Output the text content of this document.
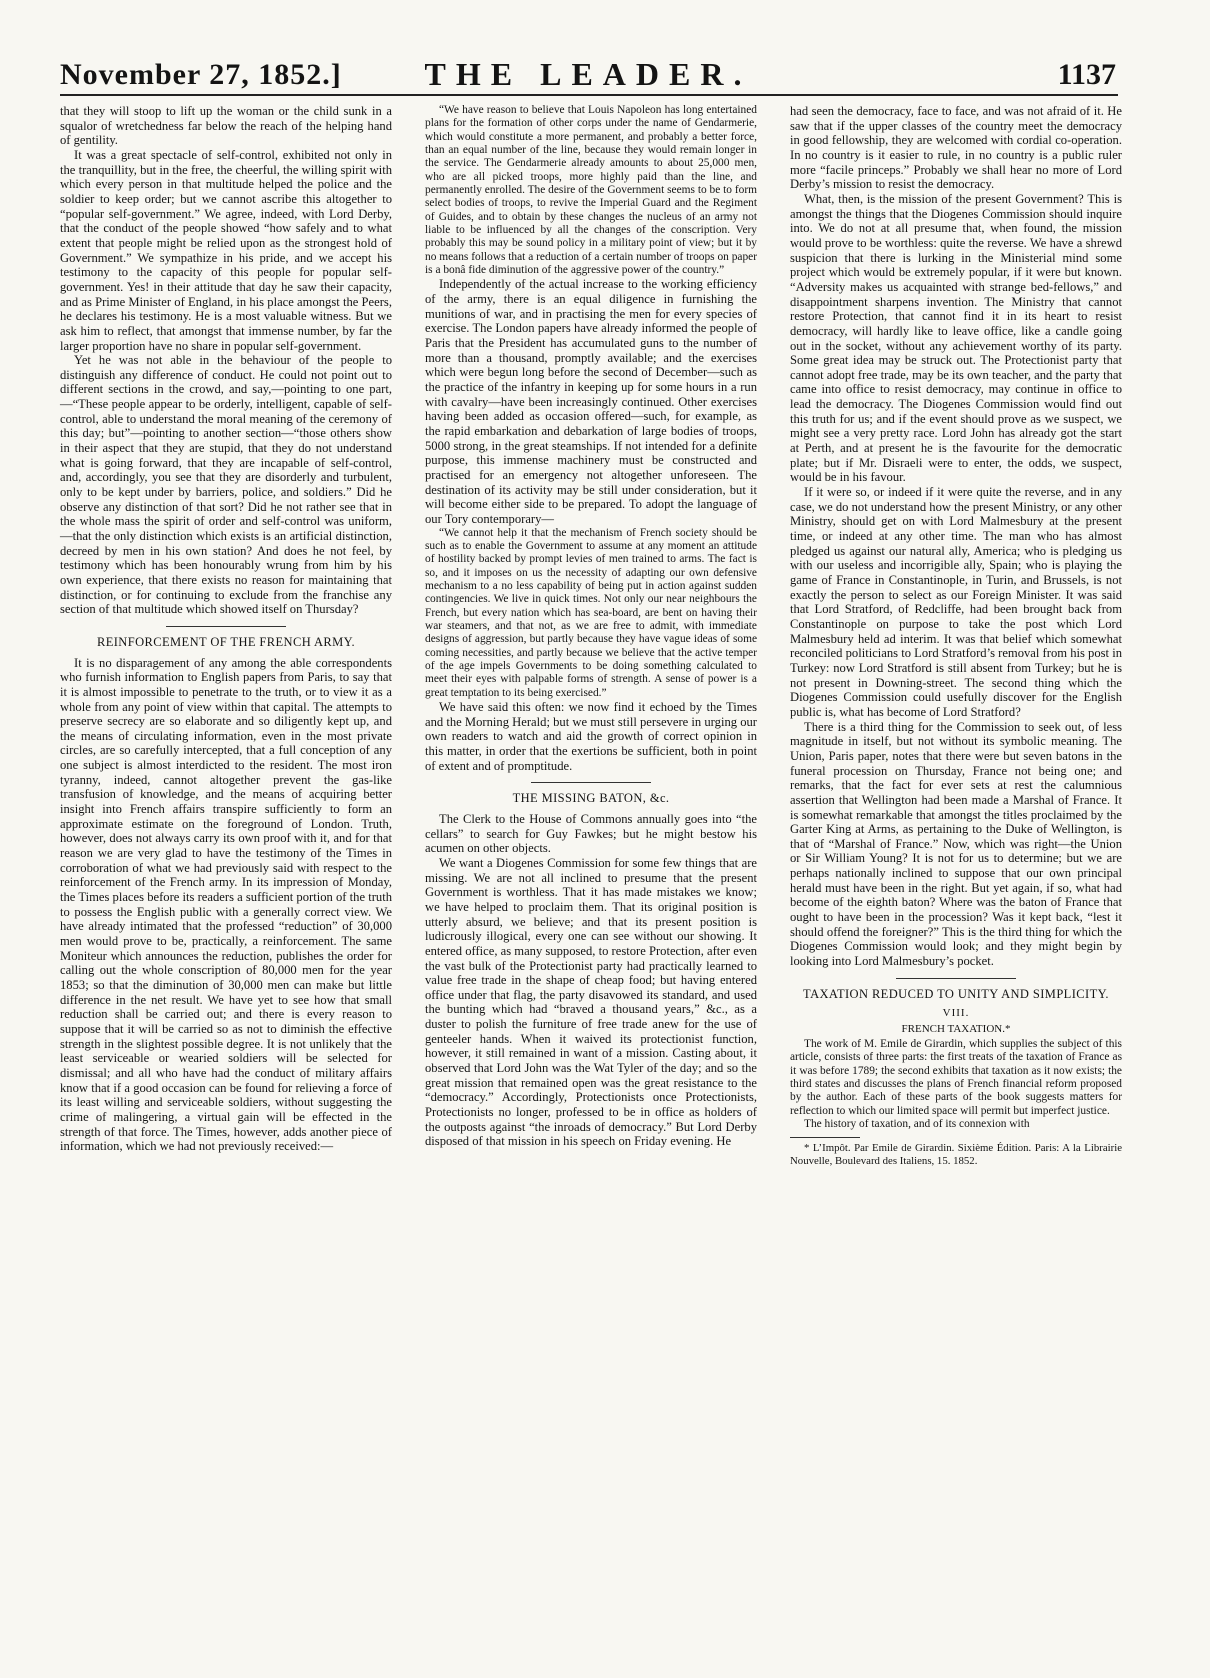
November 27, 1852.]	THE LEADER.	1137

that they will stoop to lift up the woman or the child sunk in a squalor of wretchedness far below the reach of the helping hand of gentility.

It was a great spectacle of self-control, exhibited not only in the tranquillity, but in the free, the cheerful, the willing spirit with which every person in that multitude helped the police and the soldier to keep order; but we cannot ascribe this altogether to “popular self-government.” We agree, indeed, with Lord Derby, that the conduct of the people showed “how safely and to what extent that people might be relied upon as the strongest hold of Government.” We sympathize in his pride, and we accept his testimony to the capacity of this people for popular self-government. Yes! in their attitude that day he saw their capacity, and as Prime Minister of England, in his place amongst the Peers, he declares his testimony. He is a most valuable witness. But we ask him to reflect, that amongst that immense number, by far the larger proportion have no share in popular self-government.

Yet he was not able in the behaviour of the people to distinguish any difference of conduct. He could not point out to different sections in the crowd, and say,—pointing to one part,—“These people appear to be orderly, intelligent, capable of self-control, able to understand the moral meaning of the ceremony of this day; but”—pointing to another section—“those others show in their aspect that they are stupid, that they do not understand what is going forward, that they are incapable of self-control, and, accordingly, you see that they are disorderly and turbulent, only to be kept under by barriers, police, and soldiers.” Did he observe any distinction of that sort? Did he not rather see that in the whole mass the spirit of order and self-control was uniform,—that the only distinction which exists is an artificial distinction, decreed by men in his own station? And does he not feel, by testimony which has been honourably wrung from him by his own experience, that there exists no reason for maintaining that distinction, or for continuing to exclude from the franchise any section of that multitude which showed itself on Thursday?

REINFORCEMENT OF THE FRENCH ARMY.

It is no disparagement of any among the able correspondents who furnish information to English papers from Paris, to say that it is almost impossible to penetrate to the truth, or to view it as a whole from any point of view within that capital. The attempts to preserve secrecy are so elaborate and so diligently kept up, and the means of circulating information, even in the most private circles, are so carefully intercepted, that a full conception of any one subject is almost interdicted to the resident. The most iron tyranny, indeed, cannot altogether prevent the gas-like transfusion of knowledge, and the means of acquiring better insight into French affairs transpire sufficiently to form an approximate estimate on the foreground of London. Truth, however, does not always carry its own proof with it, and for that reason we are very glad to have the testimony of the Times in corroboration of what we had previously said with respect to the reinforcement of the French army. In its impression of Monday, the Times places before its readers a sufficient portion of the truth to possess the English public with a generally correct view. We have already intimated that the professed “reduction” of 30,000 men would prove to be, practically, a reinforcement. The same Moniteur which announces the reduction, publishes the order for calling out the whole conscription of 80,000 men for the year 1853; so that the diminution of 30,000 men can make but little difference in the net result. We have yet to see how that small reduction shall be carried out; and there is every reason to suppose that it will be carried so as not to diminish the effective strength in the slightest possible degree. It is not unlikely that the least serviceable or wearied soldiers will be selected for dismissal; and all who have had the conduct of military affairs know that if a good occasion can be found for relieving a force of its least willing and serviceable soldiers, without suggesting the crime of malingering, a virtual gain will be effected in the strength of that force. The Times, however, adds another piece of information, which we had not previously received:—

“We have reason to believe that Louis Napoleon has long entertained plans for the formation of other corps under the name of Gendarmerie, which would constitute a more permanent, and probably a better force, than an equal number of the line, because they would remain longer in the service. The Gendarmerie already amounts to about 25,000 men, who are all picked troops, more highly paid than the line, and permanently enrolled. The desire of the Government seems to be to form select bodies of troops, to revive the Imperial Guard and the Regiment of Guides, and to obtain by these changes the nucleus of an army not liable to be influenced by all the changes of the conscription. Very probably this may be sound policy in a military point of view; but it by no means follows that a reduction of a certain number of troops on paper is a bonâ fide diminution of the aggressive power of the country.”

Independently of the actual increase to the working efficiency of the army, there is an equal diligence in furnishing the munitions of war, and in practising the men for every species of exercise. The London papers have already informed the people of Paris that the President has accumulated guns to the number of more than a thousand, promptly available; and the exercises which were begun long before the second of December—such as the practice of the infantry in keeping up for some hours in a run with cavalry—have been increasingly continued. Other exercises having been added as occasion offered—such, for example, as the rapid embarkation and debarkation of large bodies of troops, 5000 strong, in the great steamships. If not intended for a definite purpose, this immense machinery must be constructed and practised for an emergency not altogether unforeseen. The destination of its activity may be still under consideration, but it will become either side to be prepared. To adopt the language of our Tory contemporary—

“We cannot help it that the mechanism of French society should be such as to enable the Government to assume at any moment an attitude of hostility backed by prompt levies of men trained to arms. The fact is so, and it imposes on us the necessity of adapting our own defensive mechanism to a no less capability of being put in action against sudden contingencies. We live in quick times. Not only our near neighbours the French, but every nation which has sea-board, are bent on having their war steamers, and that not, as we are free to admit, with immediate designs of aggression, but partly because they have vague ideas of some coming necessities, and partly because we believe that the active temper of the age impels Governments to be doing something calculated to meet their eyes with palpable forms of strength. A sense of power is a great temptation to its being exercised.”

We have said this often: we now find it echoed by the Times and the Morning Herald; but we must still persevere in urging our own readers to watch and aid the growth of correct opinion in this matter, in order that the exertions be sufficient, both in point of extent and of promptitude.

THE MISSING BATON, &c.

The Clerk to the House of Commons annually goes into “the cellars” to search for Guy Fawkes; but he might bestow his acumen on other objects.

We want a Diogenes Commission for some few things that are missing. We are not all inclined to presume that the present Government is worthless. That it has made mistakes we know; we have helped to proclaim them. That its original position is utterly absurd, we believe; and that its present position is ludicrously illogical, every one can see without our showing. It entered office, as many supposed, to restore Protection, after even the vast bulk of the Protectionist party had practically learned to value free trade in the shape of cheap food; but having entered office under that flag, the party disavowed its standard, and used the bunting which had “braved a thousand years,” &c., as a duster to polish the furniture of free trade anew for the use of genteeler hands. When it waived its protectionist function, however, it still remained in want of a mission. Casting about, it observed that Lord John was the Wat Tyler of the day; and so the great mission that remained open was the great resistance to the “democracy.” Accordingly, Protectionists once Protectionists, Protectionists no longer, professed to be in office as holders of the outposts against “the inroads of democracy.” But Lord Derby disposed of that mission in his speech on Friday evening. He

had seen the democracy, face to face, and was not afraid of it. He saw that if the upper classes of the country meet the democracy in good fellowship, they are welcomed with cordial co-operation. In no country is it easier to rule, in no country is a public ruler more “facile princeps.” Probably we shall hear no more of Lord Derby’s mission to resist the democracy.

What, then, is the mission of the present Government? This is amongst the things that the Diogenes Commission should inquire into. We do not at all presume that, when found, the mission would prove to be worthless: quite the reverse. We have a shrewd suspicion that there is lurking in the Ministerial mind some project which would be extremely popular, if it were but known. “Adversity makes us acquainted with strange bed-fellows,” and disappointment sharpens invention. The Ministry that cannot restore Protection, that cannot find it in its heart to resist democracy, will hardly like to leave office, like a candle going out in the socket, without any achievement worthy of its party. Some great idea may be struck out. The Protectionist party that cannot adopt free trade, may be its own teacher, and the party that came into office to resist democracy, may continue in office to lead the democracy. The Diogenes Commission would find out this truth for us; and if the event should prove as we suspect, we might see a very pretty race. Lord John has already got the start at Perth, and at present he is the favourite for the democratic plate; but if Mr. Disraeli were to enter, the odds, we suspect, would be in his favour.

If it were so, or indeed if it were quite the reverse, and in any case, we do not understand how the present Ministry, or any other Ministry, should get on with Lord Malmesbury at the present time, or indeed at any other time. The man who has almost pledged us against our natural ally, America; who is pledging us with our useless and incorrigible ally, Spain; who is playing the game of France in Constantinople, in Turin, and Brussels, is not exactly the person to select as our Foreign Minister. It was said that Lord Stratford, of Redcliffe, had been brought back from Constantinople on purpose to take the post which Lord Malmesbury held ad interim. It was that belief which somewhat reconciled politicians to Lord Stratford’s removal from his post in Turkey: now Lord Stratford is still absent from Turkey; but he is not present in Downing-street. The second thing which the Diogenes Commission could usefully discover for the English public is, what has become of Lord Stratford?

There is a third thing for the Commission to seek out, of less magnitude in itself, but not without its symbolic meaning. The Union, Paris paper, notes that there were but seven batons in the funeral procession on Thursday, France not being one; and remarks, that the fact for ever sets at rest the calumnious assertion that Wellington had been made a Marshal of France. It is somewhat remarkable that amongst the titles proclaimed by the Garter King at Arms, as pertaining to the Duke of Wellington, is that of “Marshal of France.” Now, which was right—the Union or Sir William Young? It is not for us to determine; but we are perhaps nationally inclined to suppose that our own principal herald must have been in the right. But yet again, if so, what had become of the eighth baton? Where was the baton of France that ought to have been in the procession? Was it kept back, “lest it should offend the foreigner?” This is the third thing for which the Diogenes Commission would look; and they might begin by looking into Lord Malmesbury’s pocket.

TAXATION REDUCED TO UNITY AND SIMPLICITY.
VIII.
FRENCH TAXATION.*

The work of M. Emile de Girardin, which supplies the subject of this article, consists of three parts: the first treats of the taxation of France as it was before 1789; the second exhibits that taxation as it now exists; the third states and discusses the plans of French financial reform proposed by the author. Each of these parts of the book suggests matters for reflection to which our limited space will permit but imperfect justice.

The history of taxation, and of its connexion with

* L’Impôt. Par Emile de Girardin. Sixième Édition. Paris: A la Librairie Nouvelle, Boulevard des Italiens, 15. 1852.
